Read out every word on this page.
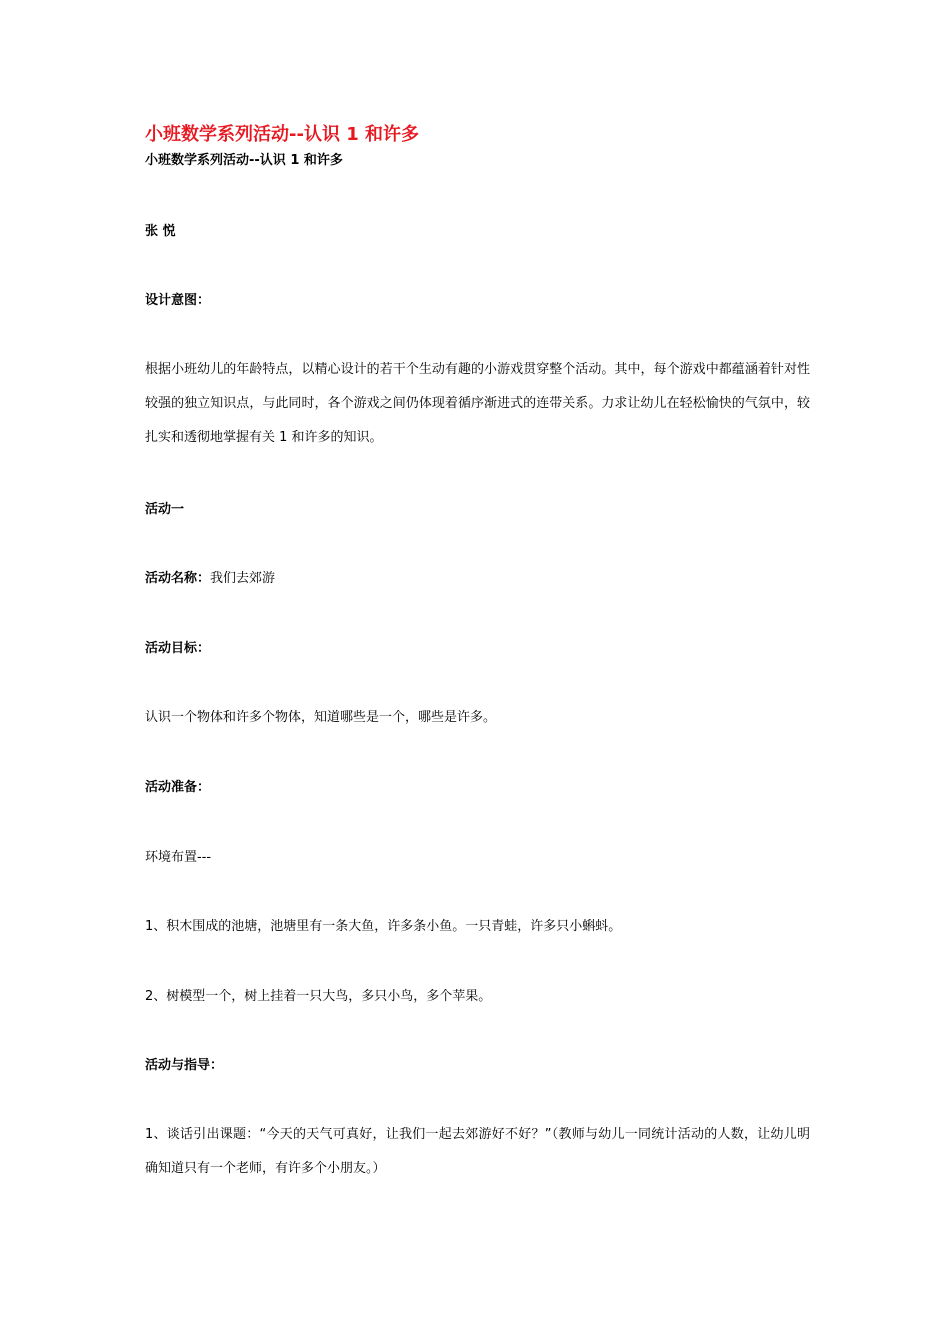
小班数学系列活动--认识 1 和许多
小班数学系列活动--认识 1 和许多
张 悦
设计意图：
根据小班幼儿的年龄特点，以精心设计的若干个生动有趣的小游戏贯穿整个活动。其中，每个游戏中都蕴涵着针对性较强的独立知识点，与此同时，各个游戏之间仍体现着循序渐进式的连带关系。力求让幼儿在轻松愉快的气氛中，较扎实和透彻地掌握有关 1 和许多的知识。
活动一
活动名称：我们去郊游
活动目标：
认识一个物体和许多个物体，知道哪些是一个，哪些是许多。
活动准备：
环境布置---
1、积木围成的池塘，池塘里有一条大鱼，许多条小鱼。一只青蛙，许多只小蝌蚪。
2、树模型一个，树上挂着一只大鸟，多只小鸟，多个苹果。
活动与指导：
1、谈话引出课题：“今天的天气可真好，让我们一起去郊游好不好？”（教师与幼儿一同统计活动的人数，让幼儿明确知道只有一个老师，有许多个小朋友。）
